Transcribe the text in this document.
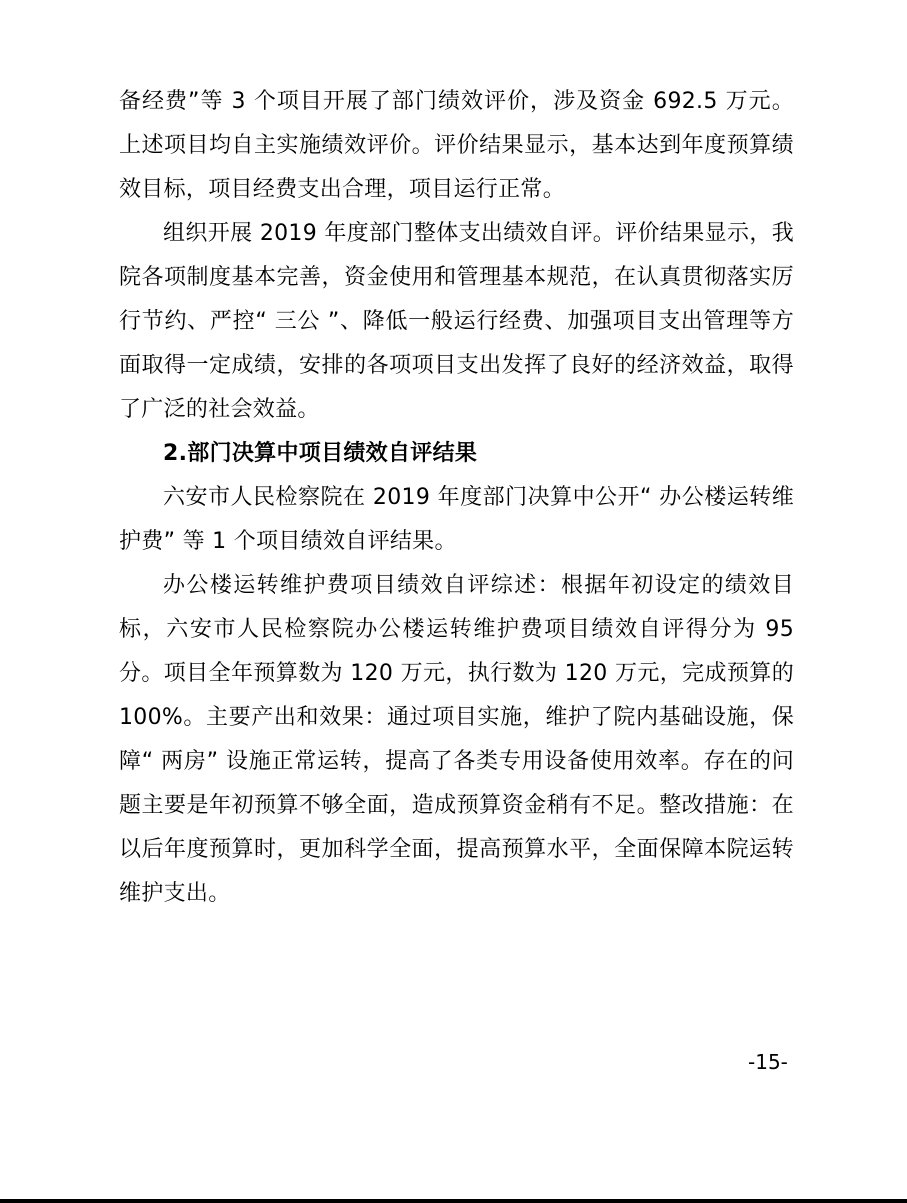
备经费”等 3 个项目开展了部门绩效评价，涉及资金 692.5 万元。上述项目均自主实施绩效评价。评价结果显示，基本达到年度预算绩效目标，项目经费支出合理，项目运行正常。

组织开展 2019 年度部门整体支出绩效自评。评价结果显示，我院各项制度基本完善，资金使用和管理基本规范，在认真贯彻落实厉行节约、严控“ 三公 ”、降低一般运行经费、加强项目支出管理等方面取得一定成绩，安排的各项项目支出发挥了良好的经济效益，取得了广泛的社会效益。

2.部门决算中项目绩效自评结果

六安市人民检察院在 2019 年度部门决算中公开“ 办公楼运转维护费” 等 1 个项目绩效自评结果。

办公楼运转维护费项目绩效自评综述：根据年初设定的绩效目标，六安市人民检察院办公楼运转维护费项目绩效自评得分为 95 分。项目全年预算数为 120 万元，执行数为 120 万元，完成预算的 100%。主要产出和效果：通过项目实施，维护了院内基础设施，保障“ 两房” 设施正常运转，提高了各类专用设备使用效率。存在的问题主要是年初预算不够全面，造成预算资金稍有不足。整改措施：在以后年度预算时，更加科学全面，提高预算水平，全面保障本院运转维护支出。

-15-
